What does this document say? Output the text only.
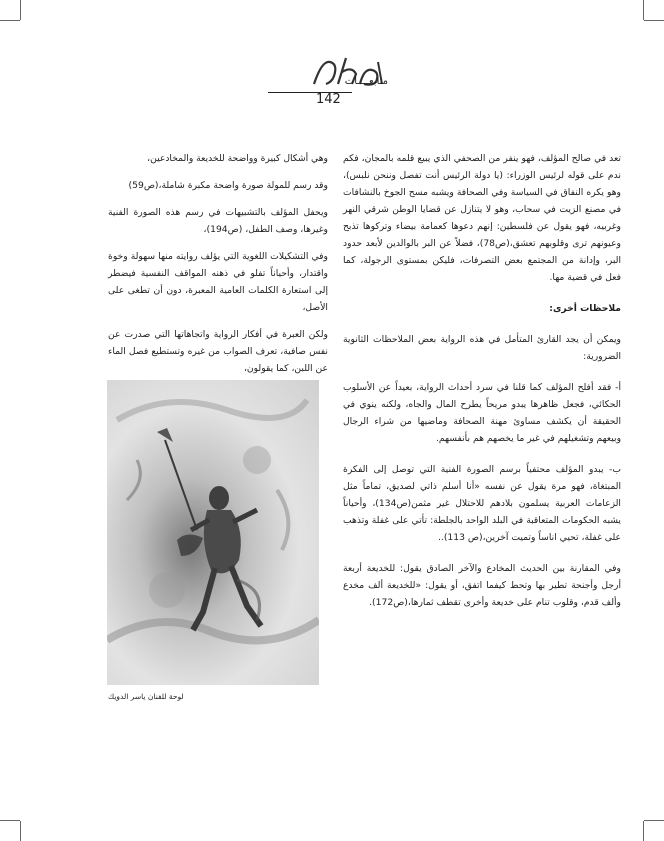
متابعــــات
142

تعد في صالح المؤلف، فهو ينفر من الصحفي الذي يبيع قلمه بالمجان، فكم ندم على قوله لرئيس الوزراء: (يا دولة الرئيس أنت تفصل وننحن نلبس)، وهو يكره النفاق في السياسة وفي الصحافة ويشبه مسح الجوخ بالنشافات في مصنع الزيت في سحاب، وهو لا يتنازل عن قضايا الوطن شرقي النهر وغربيه، فهو يقول عن فلسطين: إنهم دعوها كعمامة بيضاء وتركوها تذبح وعيونهم ترى وقلوبهم تعشق،(ص78)، فضلاً عن البر بالوالدين لأبعد حدود البر، وإدانة من المجتمع بعض التصرفات، فليكن بمستوى الرجولة، كما فعل في قضية مها.

ملاحظات أخرى:

ويمكن أن يجد القارئ المتأمل في هذه الرواية بعض الملاحظات الثانوية الضرورية:

أ- فقد أفلح المؤلف كما قلنا في سرد أحداث الرواية، بعيداً عن الأسلوب الحكائي، فجعل ظاهرها يبدو مريحاً يطرح المال والجاه، ولكنه ينوي في الحقيقة أن يكشف مساوئ مهنة الصحافة وماضيها من شراء الرجال وبيعهم وتشغيلهم في غير ما يخصهم هم بأنفسهم.

ب- يبدو المؤلف محتفياً برسم الصورة الفنية التي توصل إلى الفكرة المبتغاة، فهو مرة يقول عن نفسه «أنا أسلم ذاتي لصديق، تماماً مثل الزعامات العربية يسلمون بلادهم للاحتلال غير مثمن(ص134)، وأحياناً يشبه الحكومات المتعاقبة في البلد الواحد بالجلطة: تأتي على غفلة وتذهب على غفلة، تحيي اناساً وتميت آخرين،(ص 113)..

وفي المقارنة بين الحديث المخادع والآخر الصادق يقول: للخديعة أربعة أرجل وأجنحة تطير بها وتحط كيفما اتفق، أو يقول: «للخديعة ألف مخدع وألف قدم، وقلوب تنام على خديعة وأخرى تقطف ثمارها،(ص172).

وهي أشكال كبيرة وواضحة للخديعة والمخادعين،

وقد رسم للمولة صورة واضحة مكبرة شاملة،(ص59)

ويحفل المؤلف بالتشبيهات في رسم هذه الصورة الفنية وغيرها، وصف الطفل، (ص194)،

وفي التشكيلات اللغوية التي يؤلف روايته منها سهولة وخوة واقتدار، وأحياناً تفلو في ذهنه المواقف النفسية فيضطر إلى استعارة الكلمات العامية المعبرة، دون أن تطغى على الأصل،

ولكن العبرة في أفكار الرواية واتجاهاتها التي صدرت عن نفس صافية، تعرف الصواب من غيره وتستطيع فصل الماء عن اللبن، كما يقولون،

لوحة للفنان ياسر الدويك
